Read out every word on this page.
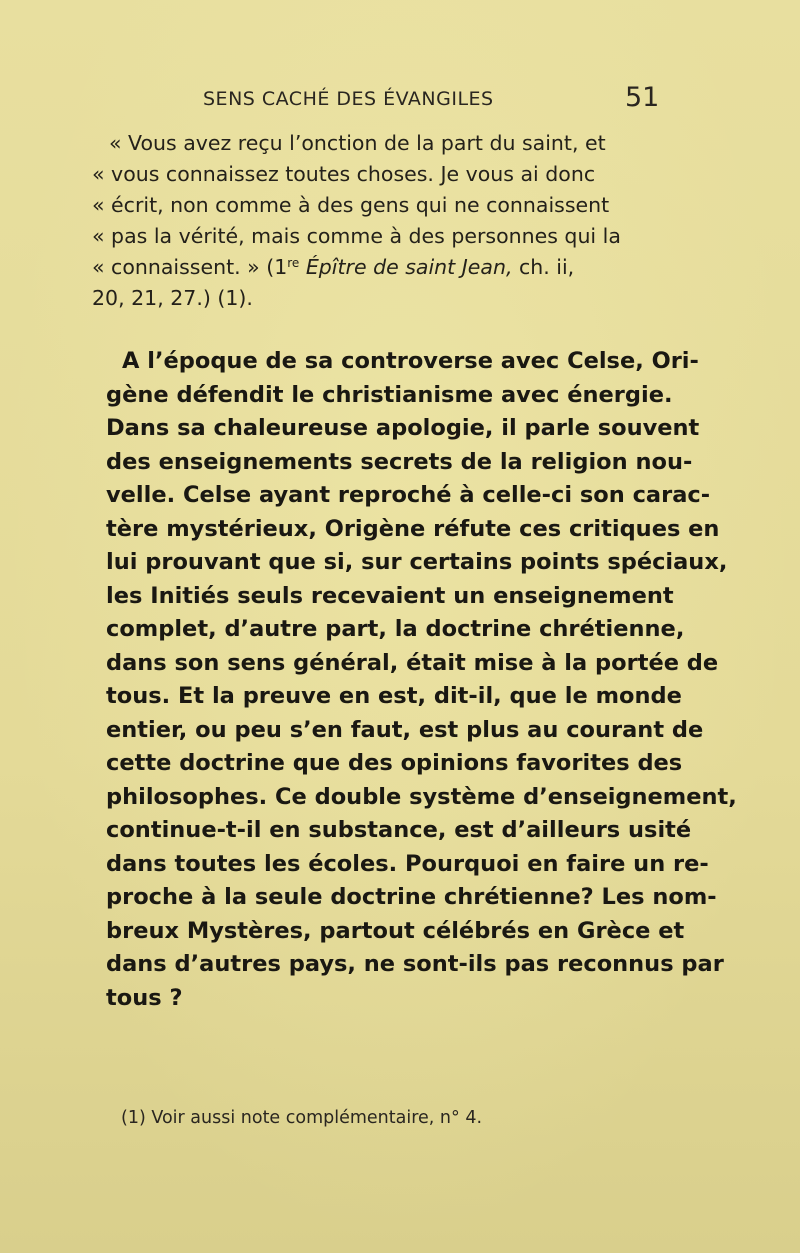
SENS CACHÉ DES ÉVANGILES	51
« Vous avez reçu l’onction de la part du saint, et
« vous connaissez toutes choses. Je vous ai donc
« écrit, non comme à des gens qui ne connaissent
« pas la vérité, mais comme à des personnes qui la
« connaissent. » (1re Épître de saint Jean, ch. ii,
20, 21, 27.) (1).
A l’époque de sa controverse avec Celse, Ori-
gène défendit le christianisme avec énergie.
Dans sa chaleureuse apologie, il parle souvent
des enseignements secrets de la religion nou-
velle. Celse ayant reproché à celle-ci son carac-
tère mystérieux, Origène réfute ces critiques en
lui prouvant que si, sur certains points spéciaux,
les Initiés seuls recevaient un enseignement
complet, d’autre part, la doctrine chrétienne,
dans son sens général, était mise à la portée de
tous. Et la preuve en est, dit-il, que le monde
entier, ou peu s’en faut, est plus au courant de
cette doctrine que des opinions favorites des
philosophes. Ce double système d’enseignement,
continue-t-il en substance, est d’ailleurs usité
dans toutes les écoles. Pourquoi en faire un re-
proche à la seule doctrine chrétienne? Les nom-
breux Mystères, partout célébrés en Grèce et
dans d’autres pays, ne sont-ils pas reconnus par
tous ?
(1) Voir aussi note complémentaire, n° 4.
